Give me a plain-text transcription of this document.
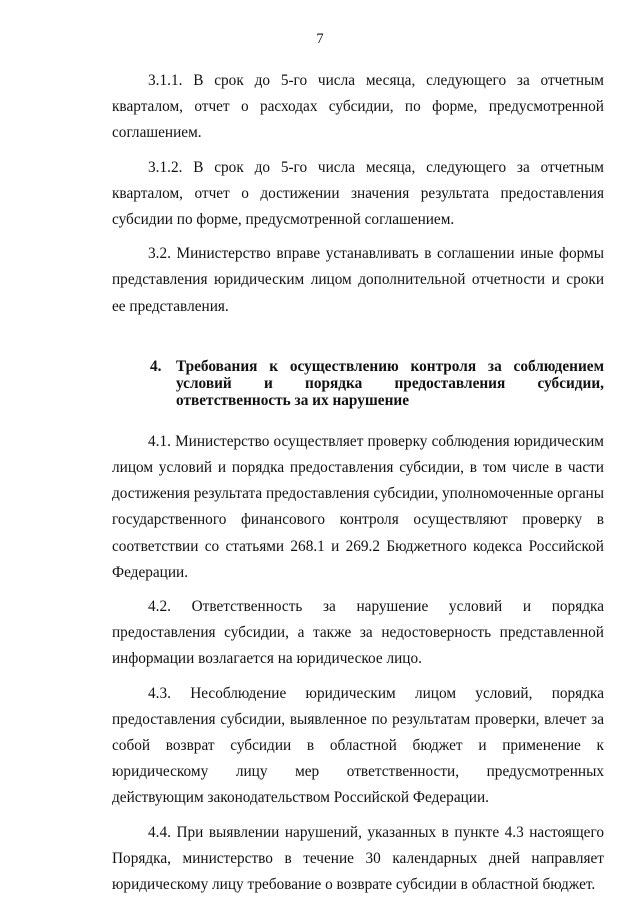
7

3.1.1. В срок до 5-го числа месяца, следующего за отчетным кварталом, отчет о расходах субсидии, по форме, предусмотренной соглашением.

3.1.2. В срок до 5-го числа месяца, следующего за отчетным кварталом, отчет о достижении значения результата предоставления субсидии по форме, предусмотренной соглашением.

3.2. Министерство вправе устанавливать в соглашении иные формы представления юридическим лицом дополнительной отчетности и сроки ее представления.

4. Требования к осуществлению контроля за соблюдением условий и порядка предоставления субсидии, ответственность за их нарушение

4.1. Министерство осуществляет проверку соблюдения юридическим лицом условий и порядка предоставления субсидии, в том числе в части достижения результата предоставления субсидии, уполномоченные органы государственного финансового контроля осуществляют проверку в соответствии со статьями 268.1 и 269.2 Бюджетного кодекса Российской Федерации.

4.2. Ответственность за нарушение условий и порядка предоставления субсидии, а также за недостоверность представленной информации возлагается на юридическое лицо.

4.3. Несоблюдение юридическим лицом условий, порядка предоставления субсидии, выявленное по результатам проверки, влечет за собой возврат субсидии в областной бюджет и применение к юридическому лицу мер ответственности, предусмотренных действующим законодательством Российской Федерации.

4.4. При выявлении нарушений, указанных в пункте 4.3 настоящего Порядка, министерство в течение 30 календарных дней направляет юридическому лицу требование о возврате субсидии в областной бюджет.
